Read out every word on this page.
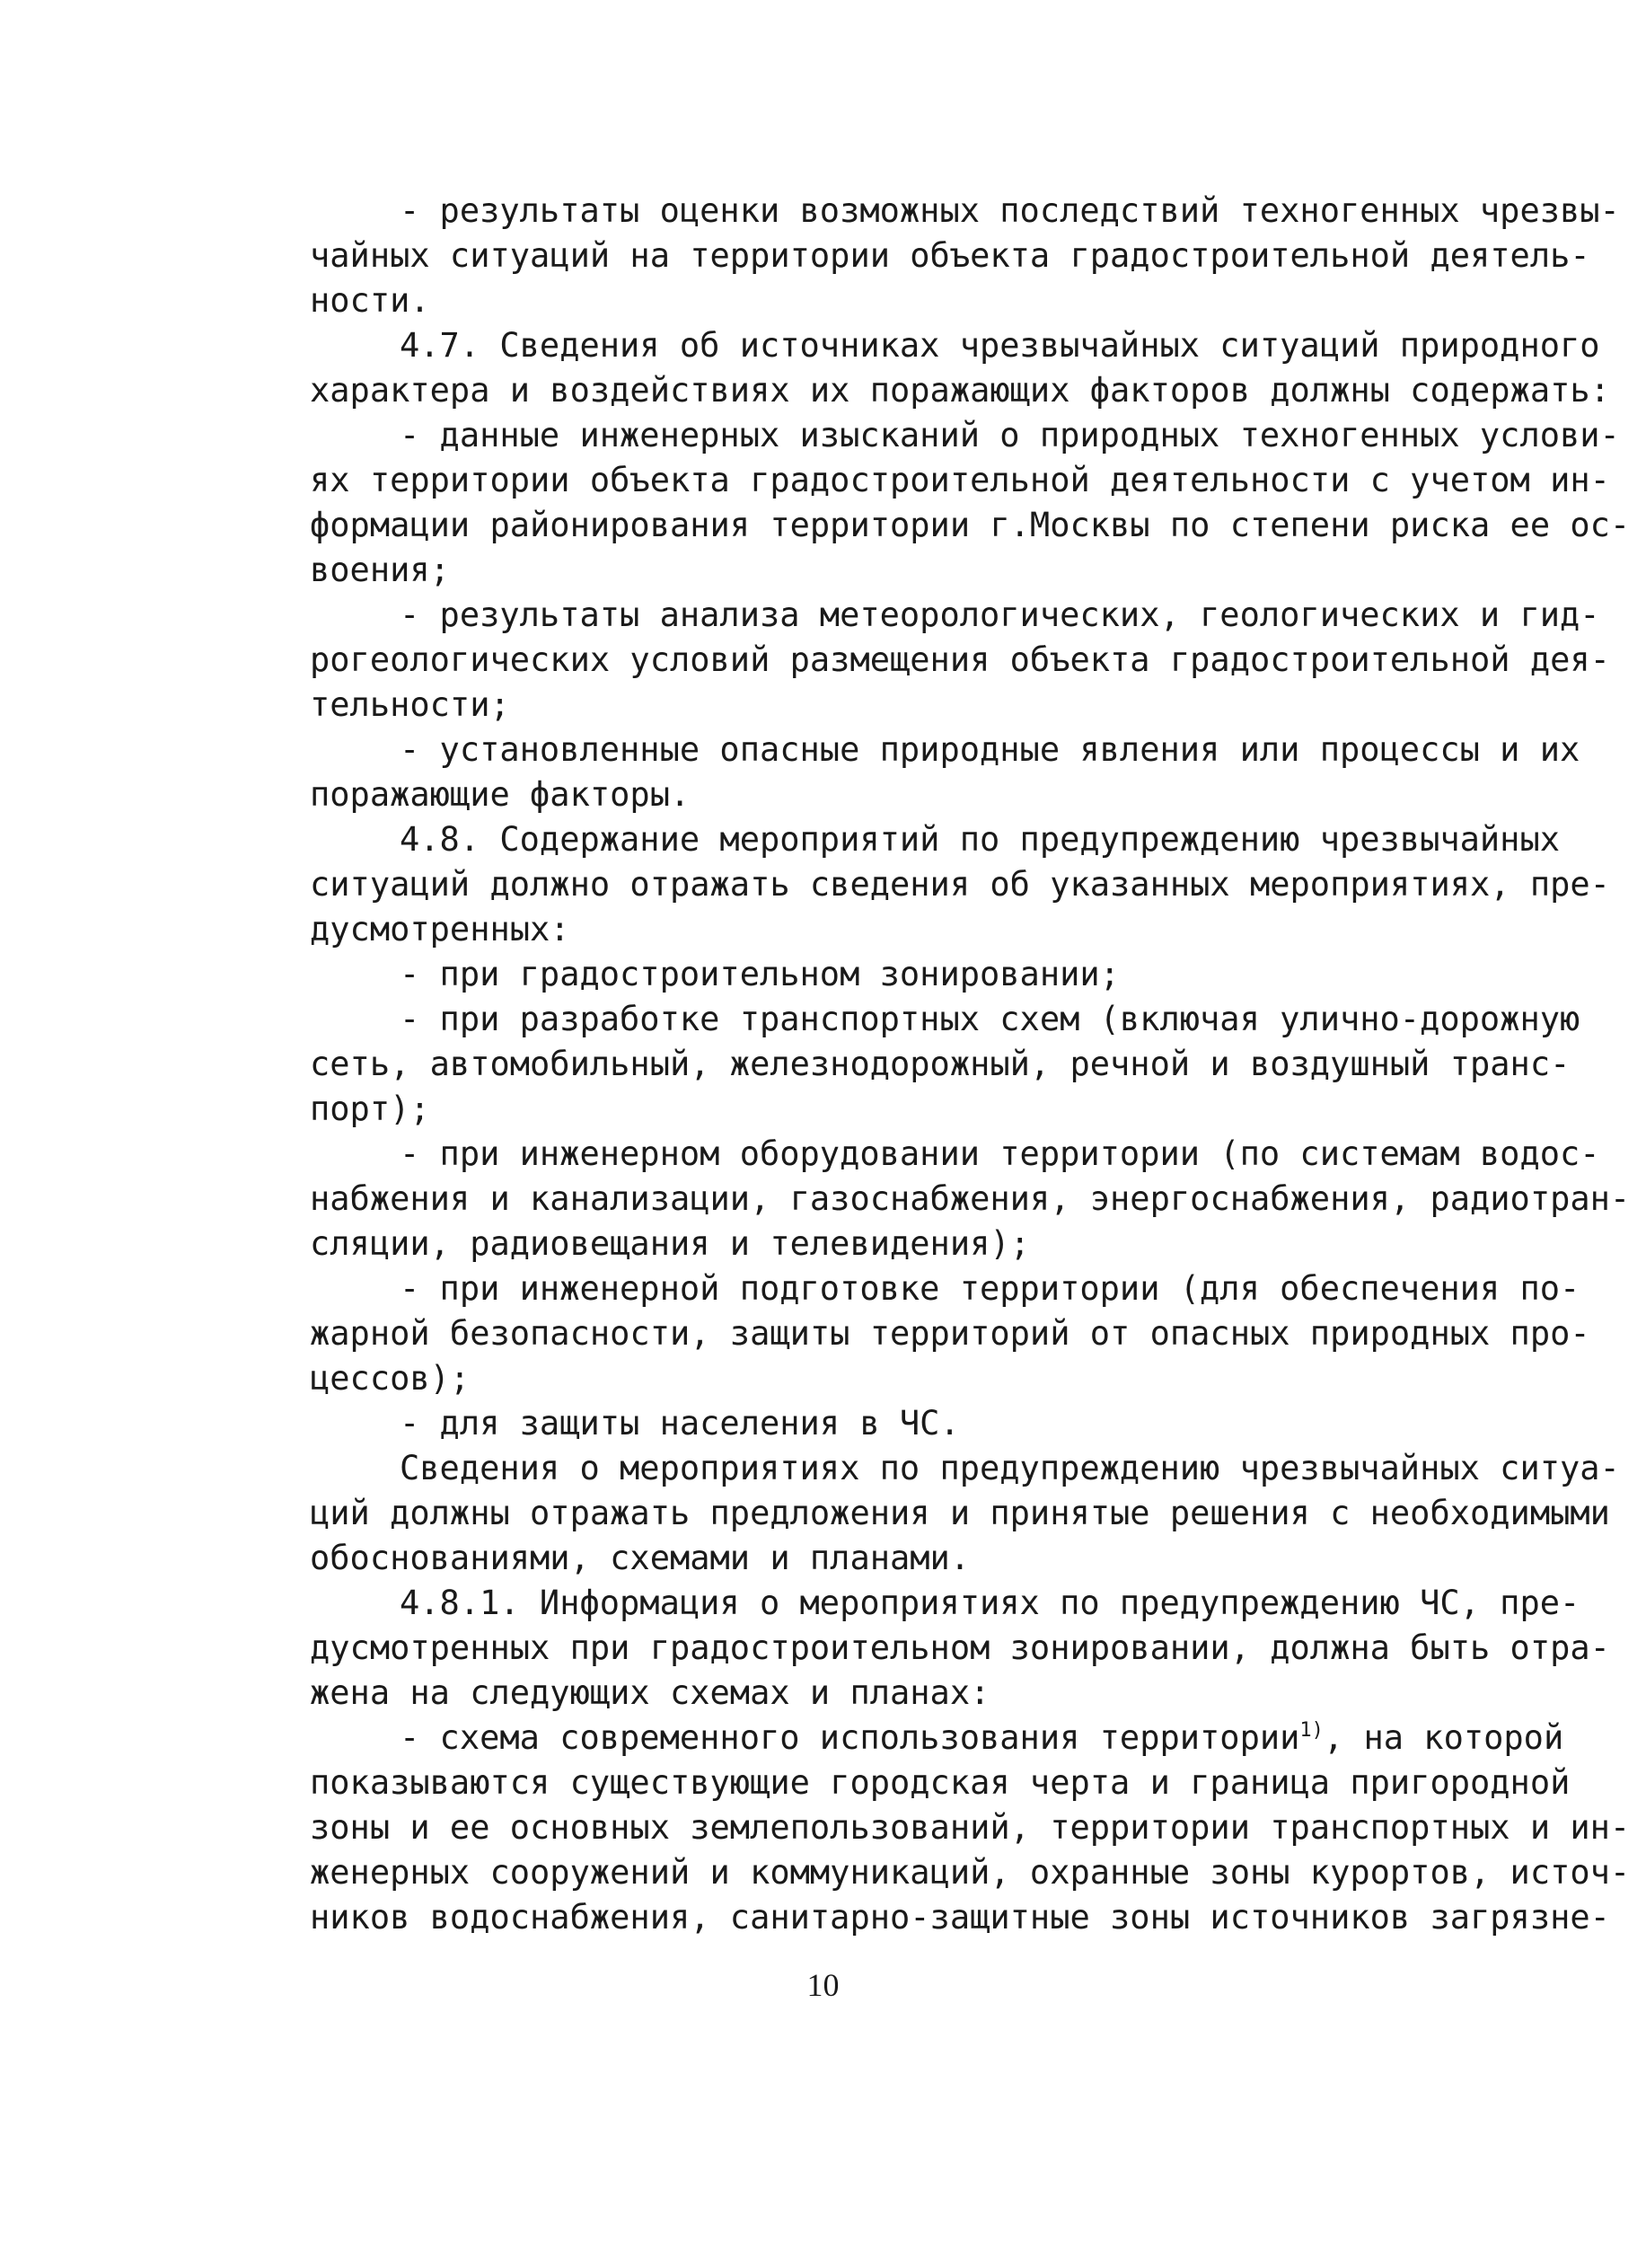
- результаты оценки возможных последствий техногенных чрезвы-
чайных ситуаций на территории объекта градостроительной деятель-
ности.
4.7. Сведения об источниках чрезвычайных ситуаций природного
характера и воздействиях их поражающих факторов должны содержать:
- данные инженерных изысканий о природных техногенных услови-
ях территории объекта градостроительной деятельности с учетом ин-
формации районирования территории г.Москвы по степени риска ее ос-
воения;
- результаты анализа метеорологических, геологических и гид-
рогеологических условий размещения объекта градостроительной дея-
тельности;
- установленные опасные природные явления или процессы и их
поражающие факторы.
4.8. Содержание мероприятий по предупреждению чрезвычайных
ситуаций должно отражать сведения об указанных мероприятиях, пре-
дусмотренных:
- при градостроительном зонировании;
- при разработке транспортных схем (включая улично-дорожную
сеть, автомобильный, железнодорожный, речной и воздушный транс-
порт);
- при инженерном оборудовании территории (по системам водос-
набжения и канализации, газоснабжения, энергоснабжения, радиотран-
сляции, радиовещания и телевидения);
- при инженерной подготовке территории (для обеспечения по-
жарной безопасности, защиты территорий от опасных природных про-
цессов);
- для защиты населения в ЧС.
Сведения о мероприятиях по предупреждению чрезвычайных ситуа-
ций должны отражать предложения и принятые решения с необходимыми
обоснованиями, схемами и планами.
4.8.1. Информация о мероприятиях по предупреждению ЧС, пре-
дусмотренных при градостроительном зонировании, должна быть отра-
жена на следующих схемах и планах:
- схема современного использования территории$^{1)}$, на которой
показываются существующие городская черта и граница пригородной
зоны и ее основных землепользований, территории транспортных и ин-
женерных сооружений и коммуникаций, охранные зоны курортов, источ-
ников водоснабжения, санитарно-защитные зоны источников загрязне-
10
